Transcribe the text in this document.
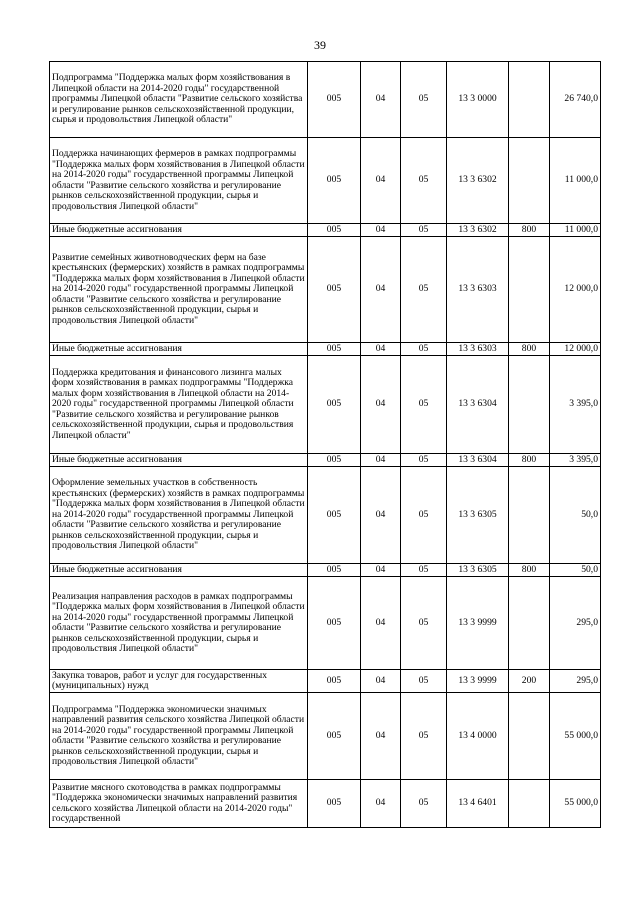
39
Подпрограмма "Поддержка малых форм хозяйствования в Липецкой области на 2014-2020 годы" государственной программы Липецкой области "Развитие сельского хозяйства и регулирование рынков сельскохозяйственной продукции, сырья и продовольствия Липецкой области"	005	04	05	13 3 0000		26 740,0
Поддержка начинающих фермеров в рамках подпрограммы "Поддержка малых форм хозяйствования в Липецкой области на 2014-2020 годы" государственной программы Липецкой области "Развитие сельского хозяйства и регулирование рынков сельскохозяйственной продукции, сырья и продовольствия Липецкой области"	005	04	05	13 3 6302		11 000,0
Иные бюджетные ассигнования	005	04	05	13 3 6302	800	11 000,0
Развитие семейных животноводческих ферм на базе крестьянских (фермерских) хозяйств в рамках подпрограммы "Поддержка малых форм хозяйствования в Липецкой области на 2014-2020 годы" государственной программы Липецкой области "Развитие сельского хозяйства и регулирование рынков сельскохозяйственной продукции, сырья и продовольствия Липецкой области"	005	04	05	13 3 6303		12 000,0
Иные бюджетные ассигнования	005	04	05	13 3 6303	800	12 000,0
Поддержка кредитования и финансового лизинга малых форм хозяйствования в рамках подпрограммы "Поддержка малых форм хозяйствования в Липецкой области на 2014-2020 годы" государственной программы Липецкой области "Развитие сельского хозяйства и регулирование рынков сельскохозяйственной продукции, сырья и продовольствия Липецкой области"	005	04	05	13 3 6304		3 395,0
Иные бюджетные ассигнования	005	04	05	13 3 6304	800	3 395,0
Оформление земельных участков в собственность крестьянских (фермерских) хозяйств в рамках подпрограммы "Поддержка малых форм хозяйствования в Липецкой области на 2014-2020 годы" государственной программы Липецкой области "Развитие сельского хозяйства и регулирование рынков сельскохозяйственной продукции, сырья и продовольствия Липецкой области"	005	04	05	13 3 6305		50,0
Иные бюджетные ассигнования	005	04	05	13 3 6305	800	50,0
Реализация направления расходов в рамках подпрограммы "Поддержка малых форм хозяйствования в Липецкой области на 2014-2020 годы" государственной программы Липецкой области "Развитие сельского хозяйства и регулирование рынков сельскохозяйственной продукции, сырья и продовольствия Липецкой области"	005	04	05	13 3 9999		295,0
Закупка товаров, работ и услуг для государственных (муниципальных) нужд	005	04	05	13 3 9999	200	295,0
Подпрограмма "Поддержка экономически значимых направлений развития сельского хозяйства Липецкой области на 2014-2020 годы" государственной программы Липецкой области "Развитие сельского хозяйства и регулирование рынков сельскохозяйственной продукции, сырья и продовольствия Липецкой области"	005	04	05	13 4 0000		55 000,0
Развитие мясного скотоводства в рамках подпрограммы "Поддержка экономически значимых направлений развития сельского хозяйства Липецкой области на 2014-2020 годы" государственной	005	04	05	13 4 6401		55 000,0
